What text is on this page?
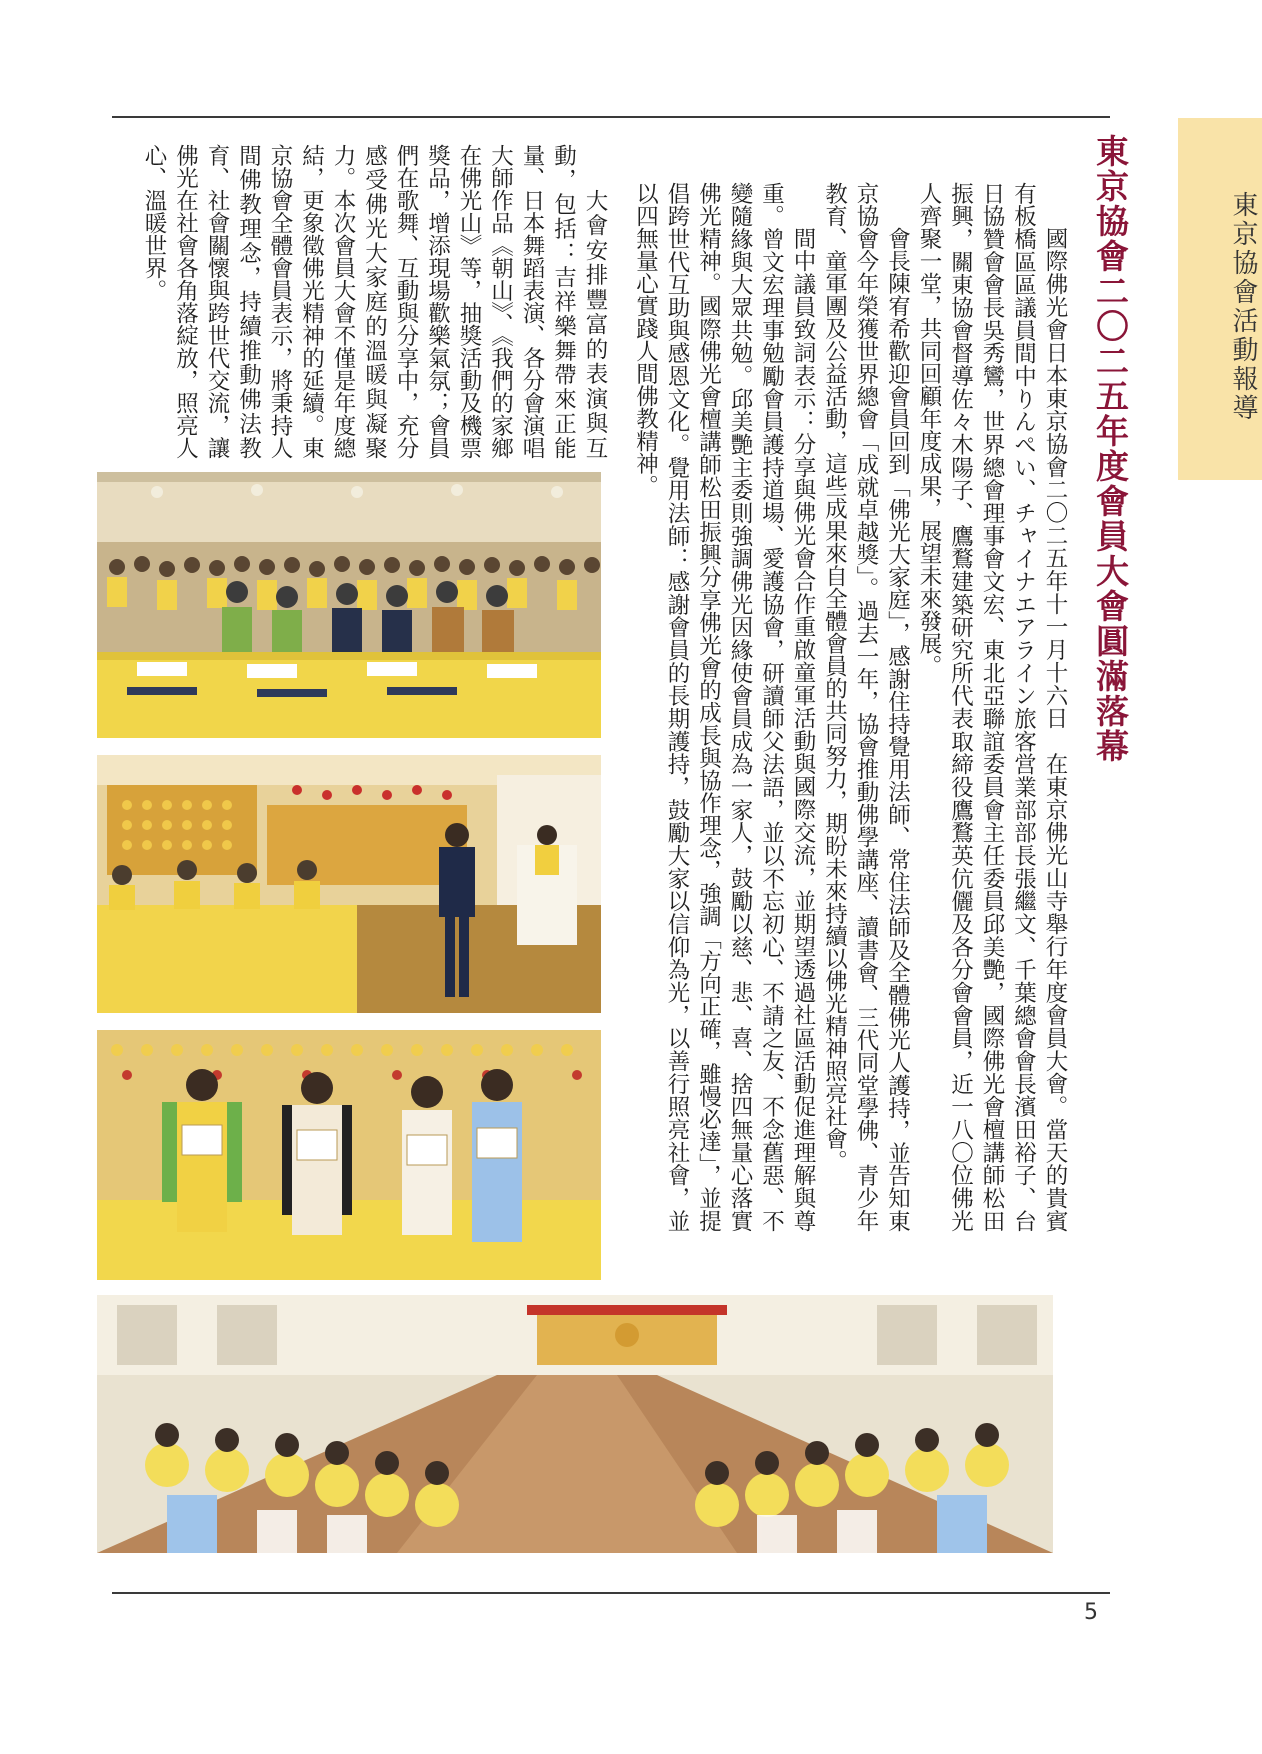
東京協會活動報導
東京協會二〇二五年度會員大會圓滿落幕

國際佛光會日本東京協會二〇二五年十一月十六日　在東京佛光山寺舉行年度會員大會。當天的貴賓有板橋區區議員間中りんぺい、チャイナエアライン旅客営業部部長張繼文、千葉總會會長濱田裕子、台日協贊會會長吳秀鸞，世界總會理事會文宏、東北亞聯誼委員會主任委員邱美艷，國際佛光會檀講師松田振興，關東協會督導佐々木陽子、鷹鶩建築研究所代表取締役鷹鶩英伉儷及各分會會員，近一八〇位佛光人齊聚一堂，共同回顧年度成果，展望未來發展。

會長陳宥希歡迎會員回到「佛光大家庭」，感謝住持覺用法師、常住法師及全體佛光人護持，並告知東京協會今年榮獲世界總會「成就卓越獎」。過去一年，協會推動佛學講座、讀書會、三代同堂學佛、青少年教育、童軍團及公益活動，這些成果來自全體會員的共同努力，期盼未來持續以佛光精神照亮社會。

間中議員致詞表示：分享與佛光會合作重啟童軍活動與國際交流，並期望透過社區活動促進理解與尊重。曾文宏理事勉勵會員護持道場、愛護協會，研讀師父法語，並以不忘初心、不請之友、不念舊惡、不變隨緣與大眾共勉。邱美艷主委則強調佛光因緣使會員成為一家人，鼓勵以慈、悲、喜、捨四無量心落實佛光精神。國際佛光會檀講師松田振興分享佛光會的成長與協作理念，強調「方向正確，雖慢必達」，並提倡跨世代互助與感恩文化。覺用法師：感謝會員的長期護持，鼓勵大家以信仰為光，以善行照亮社會，並以四無量心實踐人間佛教精神。

大會安排豐富的表演與互動，包括：吉祥樂舞帶來正能量、日本舞蹈表演、各分會演唱大師作品《朝山》、《我們的家鄉在佛光山》等，抽獎活動及機票獎品，增添現場歡樂氣氛；會員們在歌舞、互動與分享中，充分感受佛光大家庭的溫暖與凝聚力。本次會員大會不僅是年度總結，更象徵佛光精神的延續。東京協會全體會員表示，將秉持人間佛教理念，持續推動佛法教育、社會關懷與跨世代交流，讓佛光在社會各角落綻放，照亮人心、溫暖世界。

5
